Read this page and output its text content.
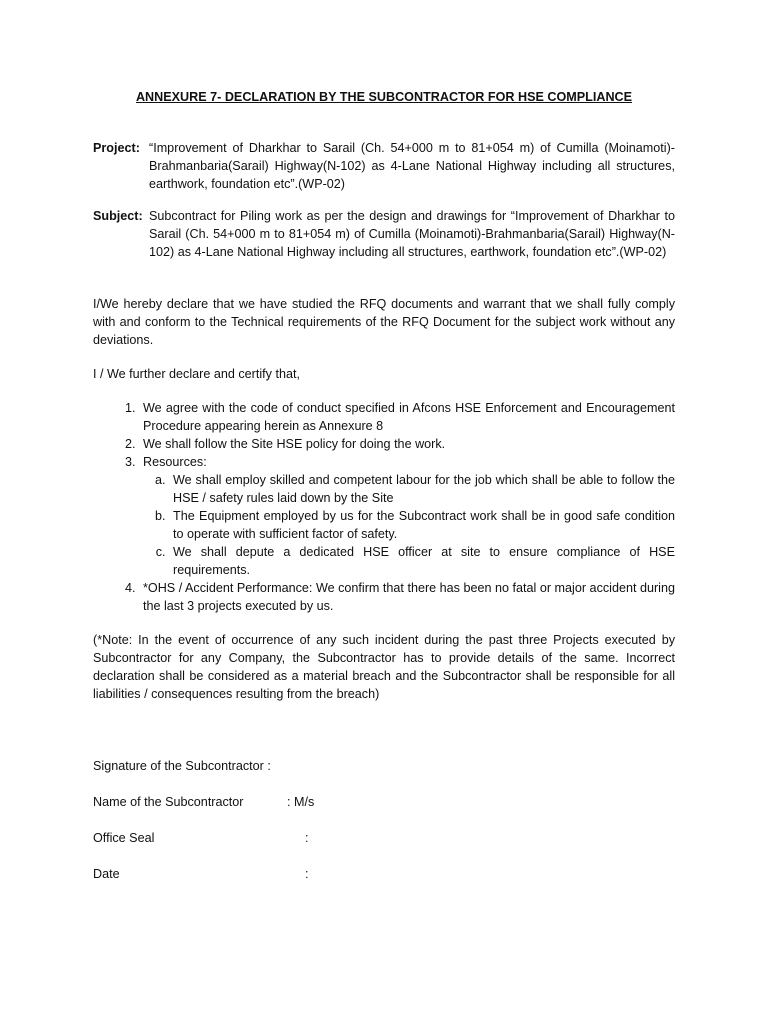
ANNEXURE 7- DECLARATION BY THE SUBCONTRACTOR FOR HSE COMPLIANCE
Project: “Improvement of Dharkhar to Sarail (Ch. 54+000 m to 81+054 m) of Cumilla (Moinamoti)-Brahmanbaria(Sarail) Highway(N-102) as 4-Lane National Highway including all structures, earthwork, foundation etc”.(WP-02)
Subject: Subcontract for Piling work as per the design and drawings for “Improvement of Dharkhar to Sarail (Ch. 54+000 m to 81+054 m) of Cumilla (Moinamoti)-Brahmanbaria(Sarail) Highway(N-102) as 4-Lane National Highway including all structures, earthwork, foundation etc”.(WP-02)

I/We hereby declare that we have studied the RFQ documents and warrant that we shall fully comply with and conform to the Technical requirements of the RFQ Document for the subject work without any deviations.

I / We further declare and certify that,

1. We agree with the code of conduct specified in Afcons HSE Enforcement and Encouragement Procedure appearing herein as Annexure 8
2. We shall follow the Site HSE policy for doing the work.
3. Resources:
a. We shall employ skilled and competent labour for the job which shall be able to follow the HSE / safety rules laid down by the Site
b. The Equipment employed by us for the Subcontract work shall be in good safe condition to operate with sufficient factor of safety.
c. We shall depute a dedicated HSE officer at site to ensure compliance of HSE requirements.
4. *OHS / Accident Performance: We confirm that there has been no fatal or major accident during the last 3 projects executed by us.

(*Note: In the event of occurrence of any such incident during the past three Projects executed by Subcontractor for any Company, the Subcontractor has to provide details of the same. Incorrect declaration shall be considered as a material breach and the Subcontractor shall be responsible for all liabilities / consequences resulting from the breach)

Signature of the Subcontractor :
Name of the Subcontractor	: M/s
Office Seal	:
Date	:
